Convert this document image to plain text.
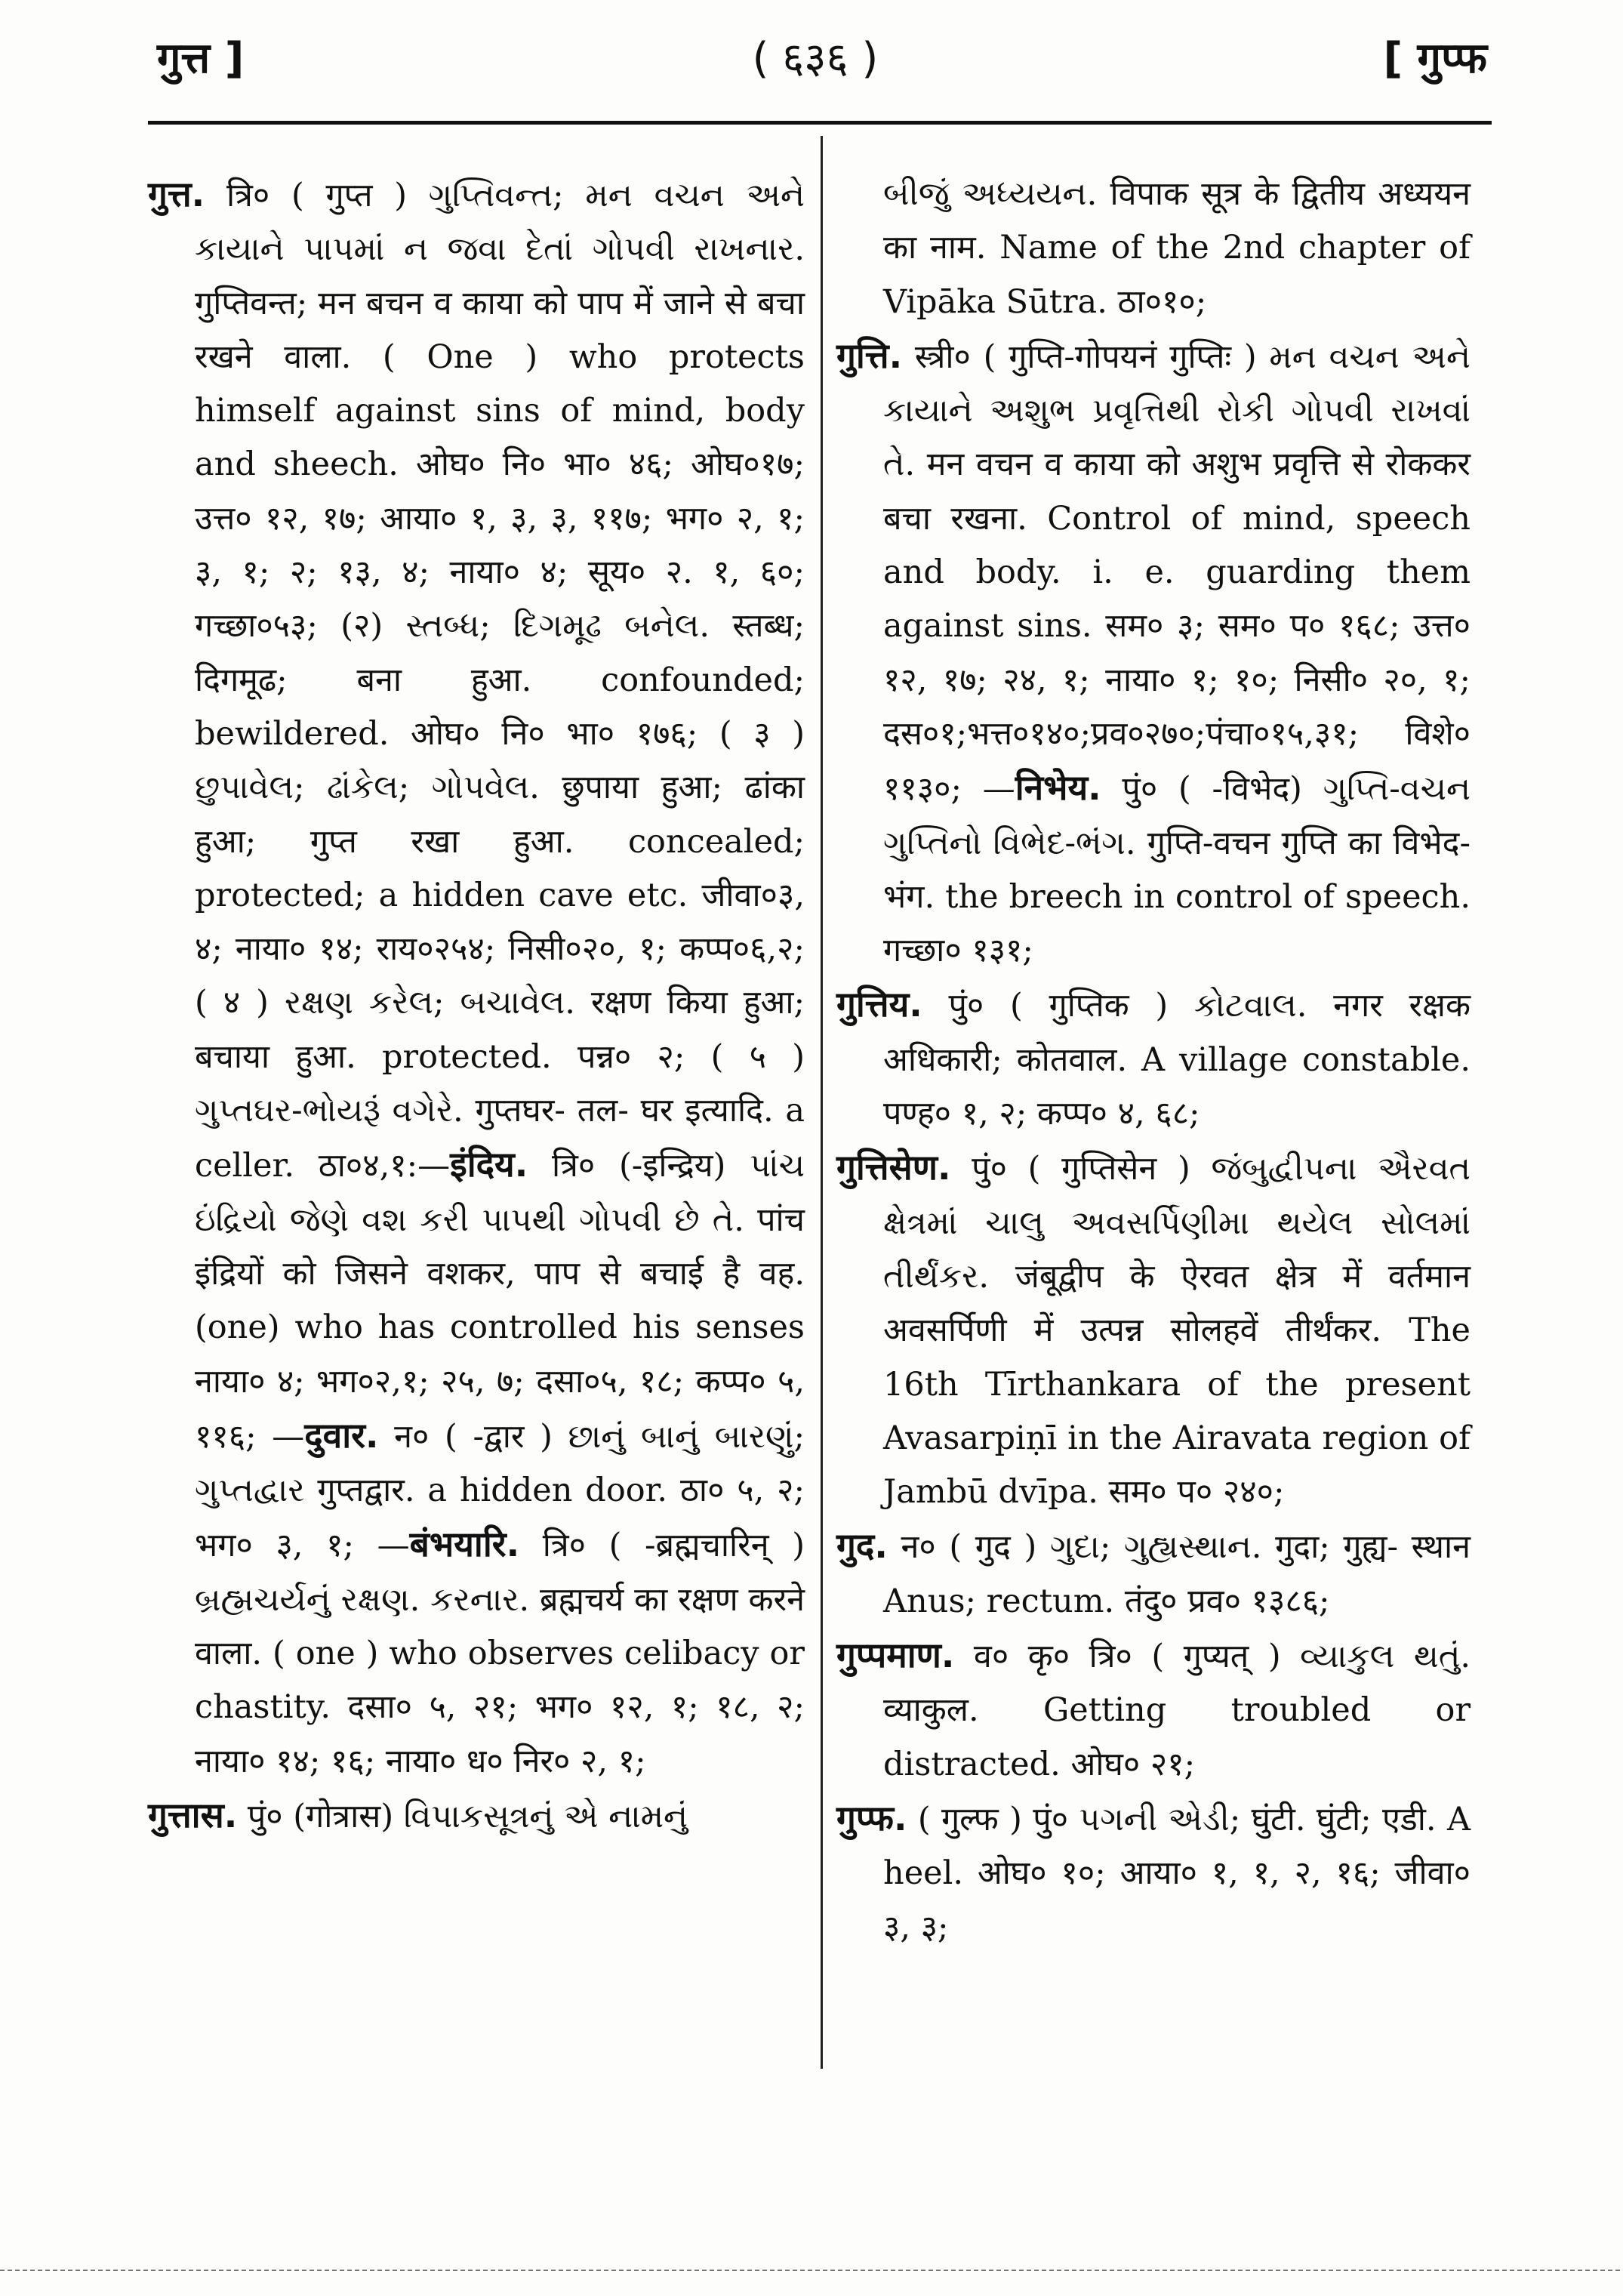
गुत्त ]	( ६३६ )	[ गुप्फ

गुत्त. त्रि० ( गुप्त ) ગુપ્તિવન્ત; મન વચન અને કાયાને પાપમાં ન જવા દેતાં ગોપવી રાખનાર. गुप्तिवन्त; मन बचन व काया को पाप में जाने से बचा रखने वाला. ( One ) who protects himself against sins of mind, body and sheech. ओघ० नि० भा० ४६; ओघ०१७; उत्त० १२, १७; आया० १, ३, ३, ११७; भग० २, १; ३, १; २; १३, ४; नाया० ४; सूय० २. १, ६०; गच्छा०५३; (२) સ્તબ્ધ; દિગમૂઢ બનેલ. स्तब्ध; दिगमूढ; बना हुआ. confounded; bewildered. ओघ० नि० भा० १७६; ( ३ ) છુપાવેલ; ઢાંકેલ; ગોપવેલ. छुपाया हुआ; ढांका हुआ; गुप्त रखा हुआ. concealed; protected; a hidden cave etc. जीवा०३, ४; नाया० १४; राय०२५४; निसी०२०, १; कप्प०६,२; ( ४ ) રક્ષણ કરેલ; બચાવેલ. रक्षण किया हुआ; बचाया हुआ. protected. पन्न० २; ( ५ ) ગુપ્તઘર-ભોયરૂં વગેરે. गुप्तघर- तल- घर इत्यादि. a celler. ठा०४,१:—इंदिय. त्रि० (-इन्द्रिय) પાંચ ઇંદ્રિયો જેણે વશ કરી પાપથી ગોપવી છે તે. पांच इंद्रियों को जिसने वशकर, पाप से बचाई है वह. (one) who has controlled his senses नाया० ४; भग०२,१; २५, ७; दसा०५, १८; कप्प० ५, ११६; —दुवार. न० ( -द्वार ) છાનું બાનું બારણું; ગુપ્તદ્વાર गुप्तद्वार. a hidden door. ठा० ५, २; भग० ३, १; —बंभयारि. त्रि० ( -ब्रह्मचारिन् ) બ્રહ્મચર્યનું રક્ષણ. કરનાર. ब्रह्मचर्य का रक्षण करने वाला. ( one ) who observes celibacy or chastity. दसा० ५, २१; भग० १२, १; १८, २; नाया० १४; १६; नाया० ध० निर० २, १;

गुत्तास. पुं० (गोत्रास) વિપાકસૂત્રનું એ નામનું

બીજું અધ્યયન. विपाक सूत्र के द्वितीय अध्ययन का नाम. Name of the 2nd chapter of Vipāka Sūtra. ठा०१०;

गुत्ति. स्त्री० ( गुप्ति-गोपयनं गुप्तिः ) મન વચન અને કાયાને અશુભ પ્રવૃત્તિથી રોકી ગોપવી રાખવાં તે. मन वचन व काया को अशुभ प्रवृत्ति से रोककर बचा रखना. Control of mind, speech and body. i. e. guarding them against sins. सम० ३; सम० प० १६८; उत्त० १२, १७; २४, १; नाया० १; १०; निसी० २०, १; दस०१;भत्त०१४०;प्रव०२७०;पंचा०१५,३१; विशे० ११३०; —निभेय. पुं० ( -विभेद) ગુપ્તિ-વચન ગુપ્તિનો વિભેદ-ભંગ. गुप्ति-वचन गुप्ति का विभेद-भंग. the breech in control of speech. गच्छा० १३१;

गुत्तिय. पुं० ( गुप्तिक ) કોટવાલ. नगर रक्षक अधिकारी; कोतवाल. A village constable. पण्ह० १, २; कप्प० ४, ६८;

गुत्तिसेण. पुं० ( गुप्तिसेन ) જંબુદ્વીપના ઐરવત ક્ષેત્રમાં ચાલુ અવસર્પિણીમા થયેલ સોલમાં તીર્થંકર. जंबूद्वीप के ऐरवत क्षेत्र में वर्तमान अवसर्पिणी में उत्पन्न सोलहवें तीर्थंकर. The 16th Tīrthankara of the present Avasarpiṇī in the Airavata region of Jambū dvīpa. सम० प० २४०;

गुद. न० ( गुद ) ગુદા; ગુહ્યસ્થાન. गुदा; गुह्य- स्थान Anus; rectum. तंदु० प्रव० १३८६;

गुप्पमाण. व० कृ० त्रि० ( गुप्यत् ) વ્યાકુલ થતું. व्याकुल. Getting troubled or distracted. ओघ० २१;

गुप्फ. ( गुल्फ ) पुं० પગની એડી; घुंटी. घुंटी; एडी. A heel. ओघ० १०; आया० १, १, २, १६; जीवा० ३, ३;
